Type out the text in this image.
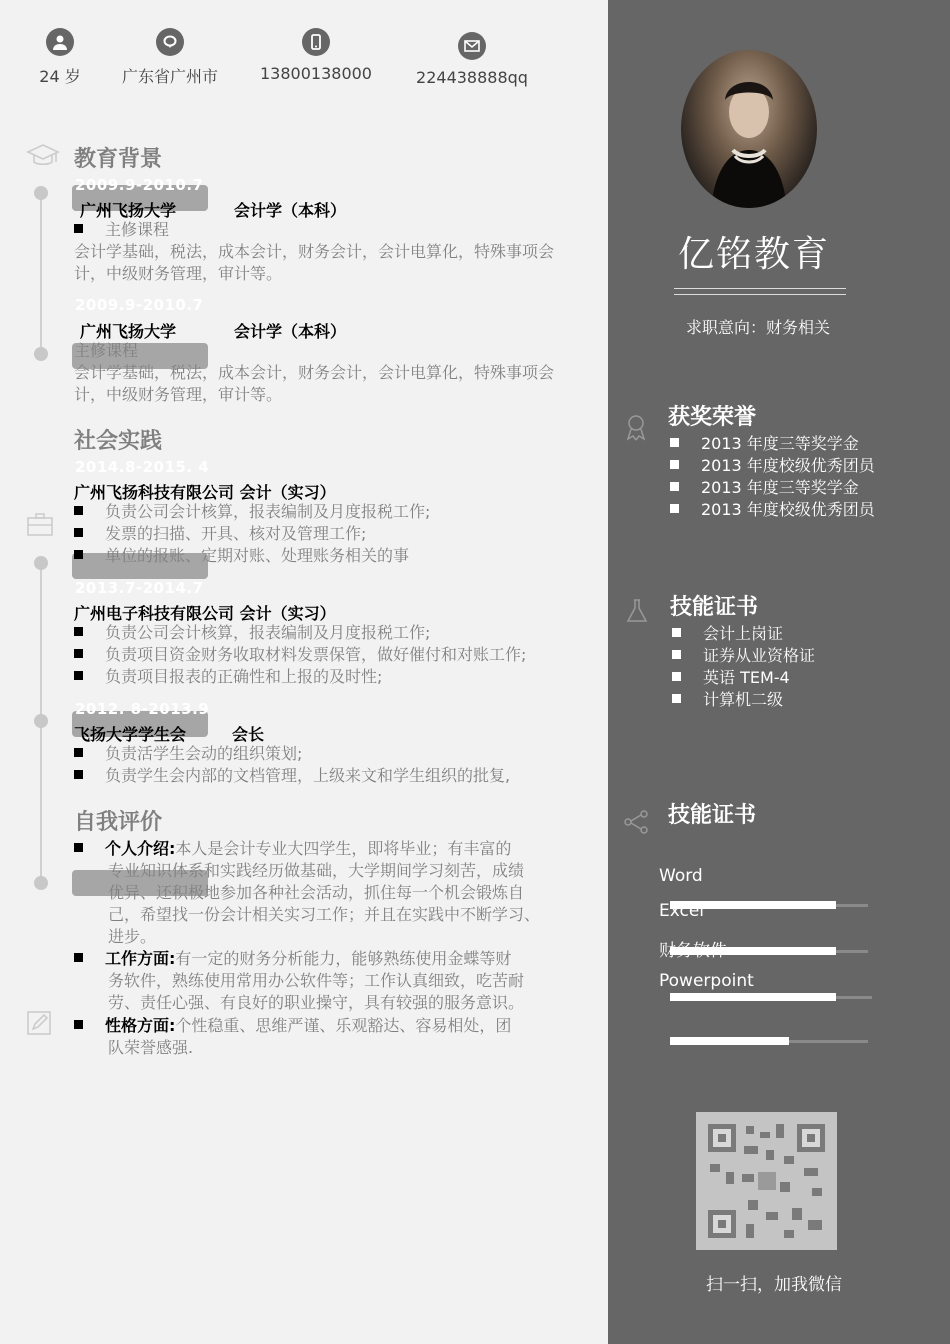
24 岁	广东省广州市	13800138000	224438888qq
教育背景
2009.9-2010.7
广州飞扬大学	会计学（本科）
主修课程
会计学基础，税法，成本会计，财务会计，会计电算化，特殊事项会计，中级财务管理，审计等。
2009.9-2010.7
广州飞扬大学	会计学（本科）
主修课程
会计学基础，税法，成本会计，财务会计，会计电算化，特殊事项会计，中级财务管理，审计等。
社会实践
2014.8-2015. 4
广州飞扬科技有限公司 会计（实习）
负责公司会计核算，报表编制及月度报税工作;
发票的扫描、开具、核对及管理工作;
单位的报账、定期对账、处理账务相关的事
2013.7-2014.7
广州电子科技有限公司 会计（实习）
负责公司会计核算，报表编制及月度报税工作;
负责项目资金财务收取材料发票保管，做好催付和对账工作;
负责项目报表的正确性和上报的及时性;
2012. 8-2013.9
飞扬大学学生会	会长
负责活学生会动的组织策划;
负责学生会内部的文档管理，上级来文和学生组织的批复,
自我评价
个人介绍:本人是会计专业大四学生，即将毕业；有丰富的
专业知识体系和实践经历做基础，大学期间学习刻苦，成绩
优异、还积极地参加各种社会活动，抓住每一个机会锻炼自
己，希望找一份会计相关实习工作；并且在实践中不断学习、
进步。
工作方面:有一定的财务分析能力，能够熟练使用金蝶等财
务软件，熟练使用常用办公软件等；工作认真细致，吃苦耐
劳、责任心强、有良好的职业操守，具有较强的服务意识。
性格方面:个性稳重、思维严谨、乐观豁达、容易相处，团
队荣誉感强.
亿铭教育
求职意向：财务相关
获奖荣誉
2013 年度三等奖学金
2013 年度校级优秀团员
2013 年度三等奖学金
2013 年度校级优秀团员
技能证书
会计上岗证
证券从业资格证
英语 TEM-4
计算机二级
技能证书
Word
Excel
财务软件
Powerpoint
扫一扫，加我微信
